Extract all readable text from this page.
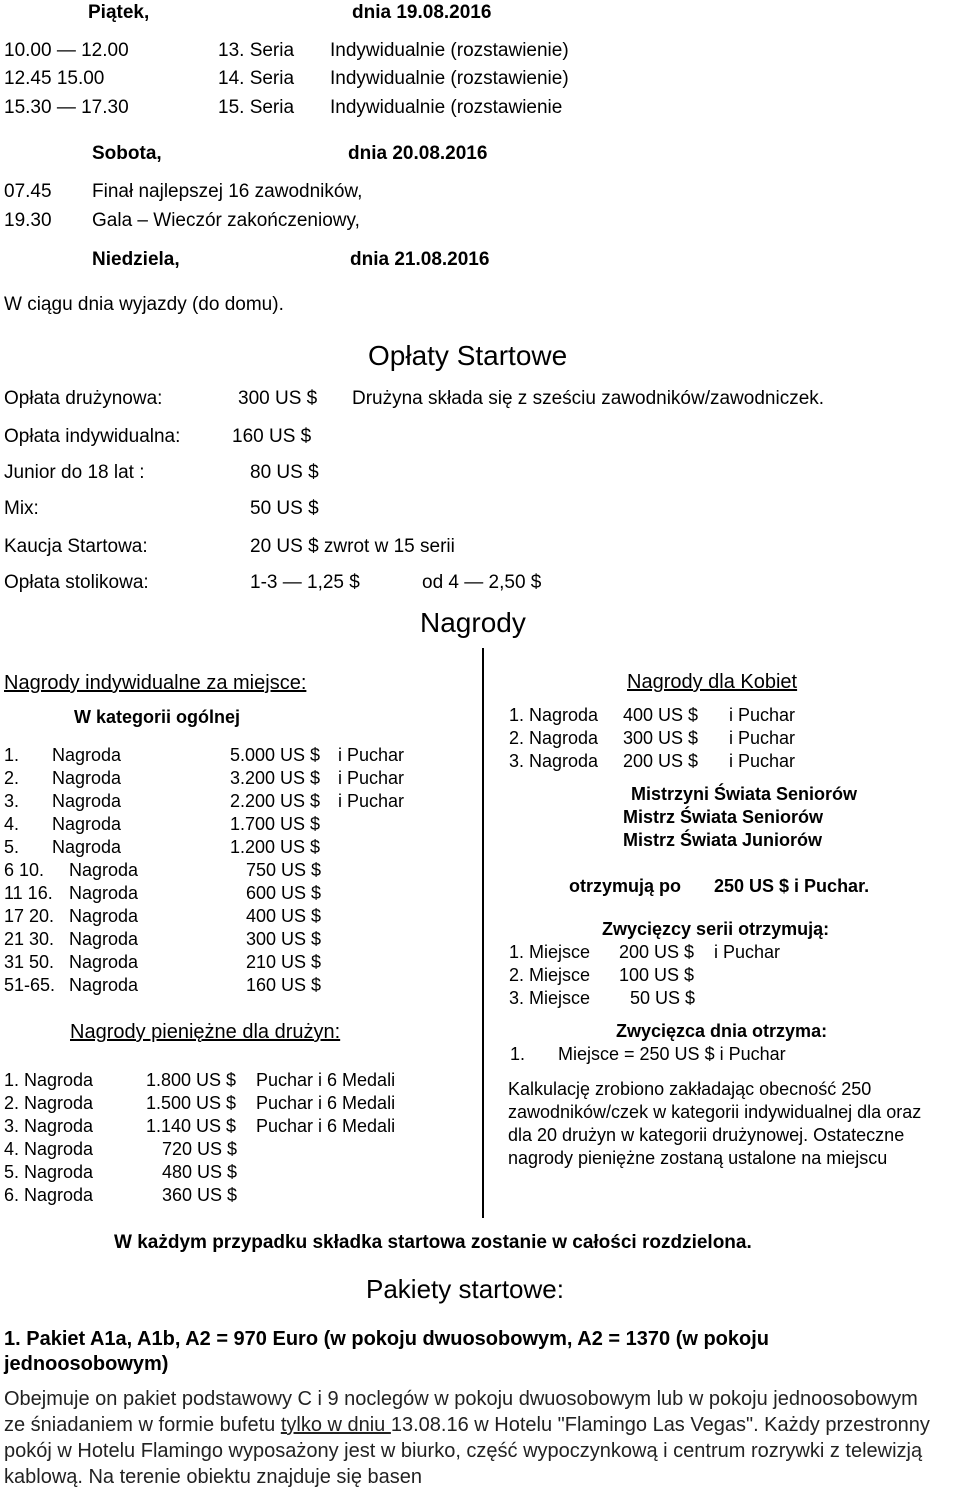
Piątek,	dnia 19.08.2016
10.00 — 12.00	13. Seria Indywidualnie (rozstawienie)
12.45 15.00	14. Seria Indywidualnie (rozstawienie)
15.30 — 17.30	15. Seria Indywidualnie (rozstawienie
Sobota,	dnia 20.08.2016
07.45 Finał najlepszej 16 zawodników,
19.30 Gala – Wieczór zakończeniowy,
Niedziela,	dnia 21.08.2016
W ciągu dnia wyjazdy (do domu).
Opłaty Startowe
Opłata drużynowa:	300 US $ Drużyna składa się z sześciu zawodników/zawodniczek.
Opłata indywidualna:	160 US $
Junior do 18 lat :	80 US $
Mix:	50 US $
Kaucja Startowa:	20 US $ zwrot w 15 serii
Opłata stolikowa:	1-3 — 1,25 $	od 4 — 2,50 $
Nagrody
Nagrody indywidualne za miejsce:
W kategorii ogólnej
1. Nagroda	5.000 US $ i Puchar
2. Nagroda	3.200 US $ i Puchar
3. Nagroda	2.200 US $ i Puchar
4. Nagroda	1.700 US $
5. Nagroda	1.200 US $
6 10. Nagroda	750 US $
11 16. Nagroda	600 US $
17 20. Nagroda	400 US $
21 30. Nagroda	300 US $
31 50. Nagroda	210 US $
51-65. Nagroda	160 US $
Nagrody pieniężne dla drużyn:
1. Nagroda	1.800 US $ Puchar i 6 Medali
2. Nagroda	1.500 US $ Puchar i 6 Medali
3. Nagroda	1.140 US $ Puchar i 6 Medali
4. Nagroda	720 US $
5. Nagroda	480 US $
6. Nagroda	360 US $
Nagrody dla Kobiet
1. Nagroda 400 US $ i Puchar
2. Nagroda 300 US $ i Puchar
3. Nagroda 200 US $ i Puchar
Mistrzyni Świata Seniorów
Mistrz Świata Seniorów
Mistrz Świata Juniorów
otrzymują po 250 US $ i Puchar.
Zwycięzcy serii otrzymują:
1. Miejsce 200 US $ i Puchar
2. Miejsce 100 US $
3. Miejsce 50 US $
Zwycięzca dnia otrzyma:
1. Miejsce = 250 US $ i Puchar
Kalkulację zrobiono zakładając obecność 250 zawodników/czek w kategorii indywidualnej dla oraz dla 20 drużyn w kategorii drużynowej. Ostateczne nagrody pieniężne zostaną ustalone na miejscu
W każdym przypadku składka startowa zostanie w całości rozdzielona.
Pakiety startowe:
1. Pakiet A1a, A1b, A2 = 970 Euro (w pokoju dwuosobowym, A2 = 1370 (w pokoju
jednoosobowym)
Obejmuje on pakiet podstawowy C i 9 noclegów w pokoju dwuosobowym lub w pokoju jednoosobowym ze śniadaniem w formie bufetu tylko w dniu 13.08.16 w Hotelu "Flamingo Las Vegas". Każdy przestronny pokój w Hotelu Flamingo wyposażony jest w biurko, część wypoczynkową i centrum rozrywki z telewizją kablową. Na terenie obiektu znajduje się basen
